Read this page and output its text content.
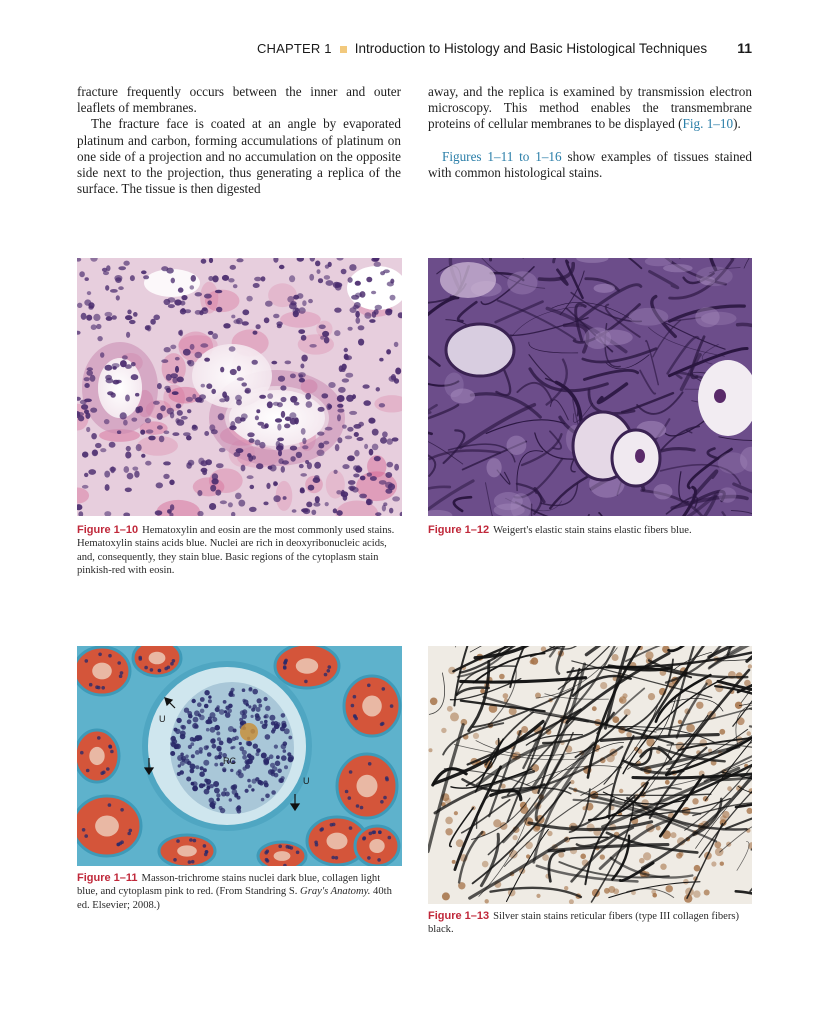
CHAPTER 1 Introduction to Histology and Basic Histological Techniques 11

fracture frequently occurs between the inner and outer leaflets of membranes.

The fracture face is coated at an angle by evaporated platinum and carbon, forming accumulations of platinum on one side of a projection and no accumulation on the opposite side next to the projection, thus generating a replica of the surface. The tissue is then digested

away, and the replica is examined by transmission electron microscopy. This method enables the transmembrane proteins of cellular membranes to be displayed (Fig. 1–10).

Figures 1–11 to 1–16 show examples of tissues stained with common histological stains.

Figure 1–10 Hematoxylin and eosin are the most commonly used stains. Hematoxylin stains acids blue. Nuclei are rich in deoxyribonucleic acids, and, consequently, they stain blue. Basic regions of the cytoplasm stain pinkish-red with eosin.
Figure 1–12 Weigert's elastic stain stains elastic fibers blue.
U
RC
U
Figure 1–11 Masson-trichrome stains nuclei dark blue, collagen light blue, and cytoplasm pink to red. (From Standring S. Gray's Anatomy. 40th ed. Elsevier; 2008.)
Figure 1–13 Silver stain stains reticular fibers (type III collagen fibers) black.
